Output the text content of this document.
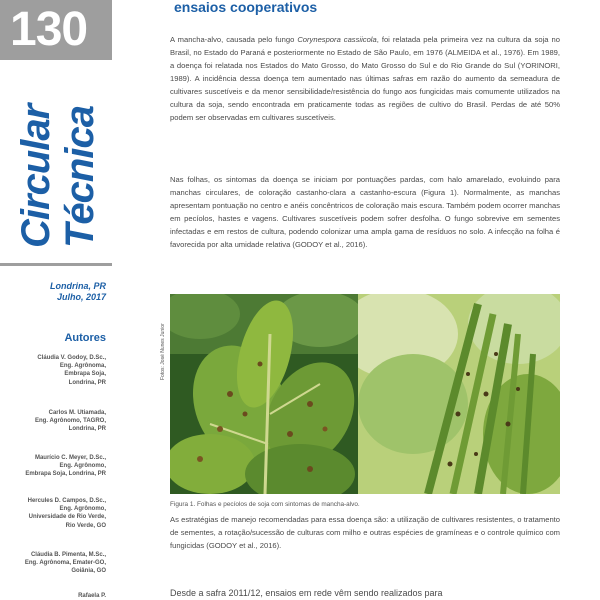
130
Circular Técnica
Londrina, PR
Julho, 2017
Autores
Cláudia V. Godoy, D.Sc.,
Eng. Agrônoma,
Embrapa Soja,
Londrina, PR
Carlos M. Utiamada,
Eng. Agrônomo, TAGRO,
Londrina, PR
Maurício C. Meyer, D.Sc.,
Eng. Agrônomo,
Embrapa Soja, Londrina, PR
Hercules D. Campos, D.Sc.,
Eng. Agrônomo,
Universidade de Rio Verde,
Rio Verde, GO
Cláudia B. Pimenta, M.Sc.,
Eng. Agrônoma, Emater-GO,
Goiânia, GO
Rafaela P.
ensaios cooperativos

A mancha-alvo, causada pelo fungo Corynespora cassiicola, foi relatada pela primeira vez na cultura da soja no Brasil, no Estado do Paraná e posteriormente no Estado de São Paulo, em 1976 (ALMEIDA et al., 1976). Em 1989, a doença foi relatada nos Estados do Mato Grosso, do Mato Grosso do Sul e do Rio Grande do Sul (YORINORI, 1989). A incidência dessa doença tem aumentado nas últimas safras em razão do aumento da semeadura de cultivares suscetíveis e da menor sensibilidade/resistência do fungo aos fungicidas mais comumente utilizados na cultura da soja, sendo encontrada em praticamente todas as regiões de cultivo do Brasil. Perdas de até 50% podem ser observadas em cultivares suscetíveis.

Nas folhas, os sintomas da doença se iniciam por pontuações pardas, com halo amarelado, evoluindo para manchas circulares, de coloração castanho-clara a castanho-escura (Figura 1). Normalmente, as manchas apresentam pontuação no centro e anéis concêntricos de coloração mais escura. Também podem ocorrer manchas em pecíolos, hastes e vagens. Cultivares suscetíveis podem sofrer desfolha. O fungo sobrevive em sementes infectadas e em restos de cultura, podendo colonizar uma ampla gama de resíduos no solo. A infecção na folha é favorecida por alta umidade relativa (GODOY et al., 2016).

As estratégias de manejo recomendadas para essa doença são: a utilização de cultivares resistentes, o tratamento de sementes, a rotação/sucessão de culturas com milho e outras espécies de gramíneas e o controle químico com fungicidas (GODOY et al., 2016).

Desde a safra 2011/12, ensaios em rede vêm sendo realizados para

Fotos: José Nunes Junior
Figura 1. Folhas e pecíolos de soja com sintomas de mancha-alvo.
